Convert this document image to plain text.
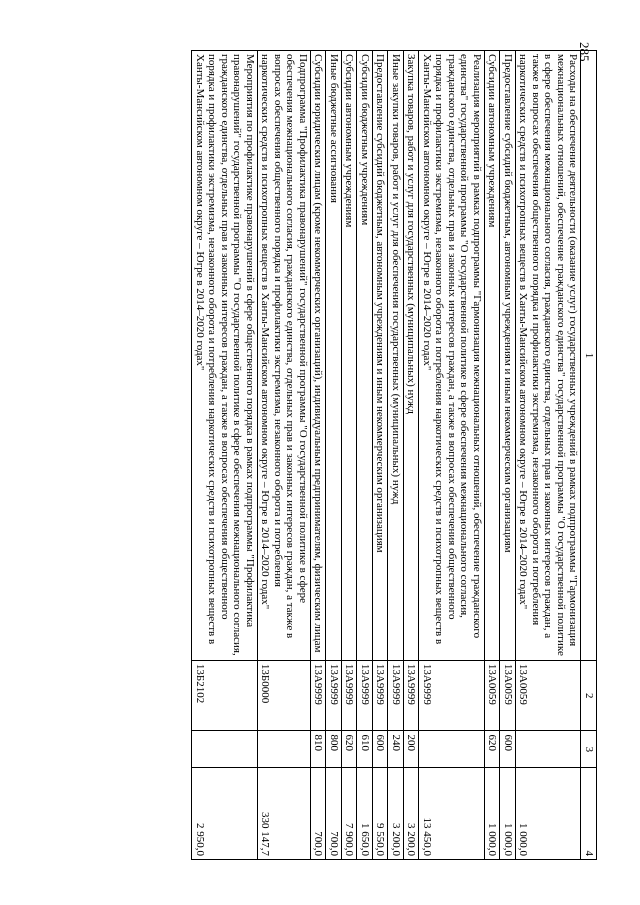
285
1	2	3	4
Расходы на обеспечение деятельности (оказание услуг) государственных учреждений в рамках подпрограммы "Гармонизация межнациональных отношений, обеспечение гражданского единства" государственной программы "О государственной политике в сфере обеспечения межнационального согласия, гражданского единства, отдельных прав и законных интересов граждан, а также в вопросах обеспечения общественного порядка и профилактики экстремизма, незаконного оборота и потребления наркотических средств и психотропных веществ в Ханты-Мансийском автономном округе – Югре в 2014–2020 годах"	13А0059		1 000,0
Предоставление субсидий бюджетным, автономным учреждениям и иным некоммерческим организациям	13А0059	600	1 000,0
Субсидии автономным учреждениям	13А0059	620	1 000,0
Реализация мероприятий в рамках подпрограммы "Гармонизация межнациональных отношений, обеспечение гражданского единства" государственной программы "О государственной политике в сфере обеспечения межнационального согласия, гражданского единства, отдельных прав и законных интересов граждан, а также в вопросах обеспечения общественного порядка и профилактики экстремизма, незаконного оборота и потребления наркотических средств и психотропных веществ в Ханты-Мансийском автономном округе – Югре в 2014–2020 годах"	13А9999		13 450,0
Закупка товаров, работ и услуг для государственных (муниципальных) нужд	13А9999	200	3 200,0
Иные закупки товаров, работ и услуг для обеспечения государственных (муниципальных) нужд	13А9999	240	3 200,0
Предоставление субсидий бюджетным, автономным учреждениям и иным некоммерческим организациям	13А9999	600	9 550,0
Субсидии бюджетным учреждениям	13А9999	610	1 650,0
Субсидии автономным учреждениям	13А9999	620	7 900,0
Иные бюджетные ассигнования	13А9999	800	700,0
Субсидии юридическим лицам (кроме некоммерческих организаций), индивидуальным предпринимателям, физическим лицам	13А9999	810	700,0
Подпрограмма "Профилактика правонарушений" государственной программы "О государственной политике в сфере обеспечения межнационального согласия, гражданского единства, отдельных прав и законных интересов граждан, а также в вопросах обеспечения общественного порядка и профилактики экстремизма, незаконного оборота и потребления наркотических средств и психотропных веществ в Ханты-Мансийском автономном округе – Югре в 2014–2020 годах"	13Б0000		330 147,7
Мероприятия по профилактике правонарушений в сфере общественного порядка в рамках подпрограммы "Профилактика правонарушений" государственной программы "О государственной политике в сфере обеспечения межнационального согласия, гражданского единства, отдельных прав и законных интересов граждан, а также в вопросах обеспечения общественного порядка и профилактики экстремизма, незаконного оборота и потребления наркотических средств и психотропных веществ в Ханты-Мансийском автономном округе – Югре в 2014–2020 годах"	13Б2102		2 950,0
